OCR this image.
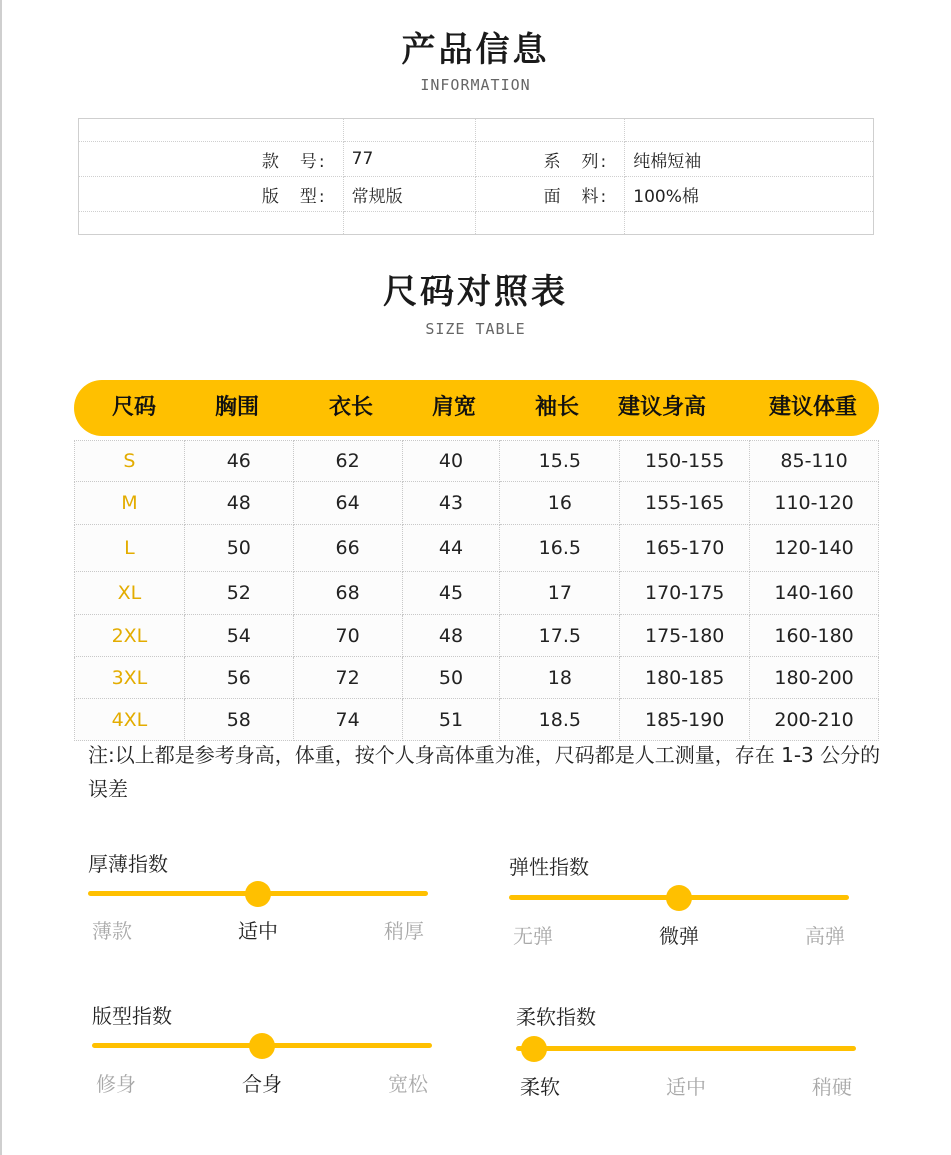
产品信息
INFORMATION

款　号:	77	系　列:	纯棉短袖
版　型:	常规版	面　料:	100%棉

尺码对照表
SIZE TABLE
尺码	胸围	衣长	肩宽	袖长	建议身高	建议体重
S	46	62	40	15.5	150-155	85-110
M	48	64	43	16	155-165	110-120
L	50	66	44	16.5	165-170	120-140
XL	52	68	45	17	170-175	140-160
2XL	54	70	48	17.5	175-180	160-180
3XL	56	72	50	18	180-185	180-200
4XL	58	74	51	18.5	185-190	200-210
注:以上都是参考身高，体重，按个人身高体重为准，尺码都是人工测量，存在 1-3 公分的误差
厚薄指数
薄款	适中	稍厚
弹性指数
无弹	微弹	高弹
版型指数
修身	合身	宽松
柔软指数
柔软	适中	稍硬
